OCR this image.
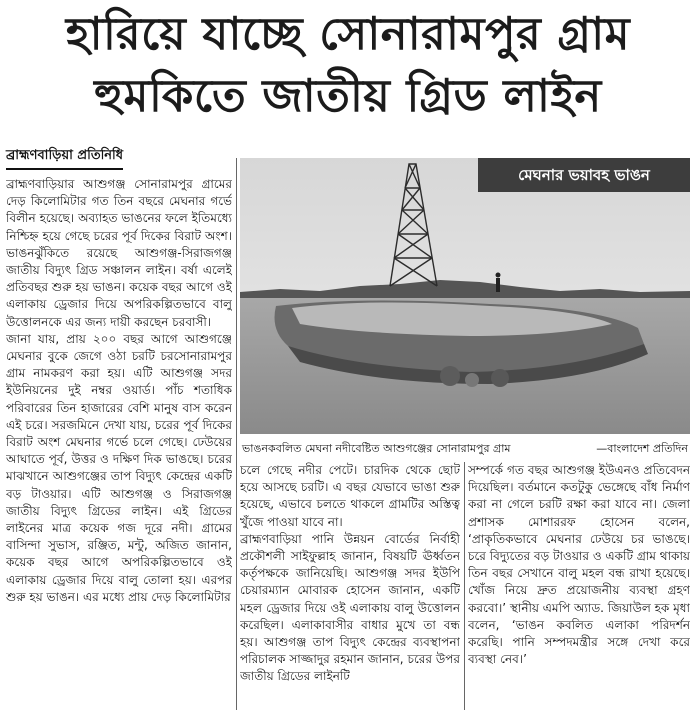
হারিয়ে যাচ্ছে সোনারামপুর গ্রাম
হুমকিতে জাতীয় গ্রিড লাইন
ব্রাহ্মণবাড়িয়া প্রতিনিধি

ব্রাহ্মণবাড়িয়ার আশুগঞ্জ সোনারামপুর গ্রামের দেড় কিলোমিটার গত তিন বছরে মেঘনার গর্ভে বিলীন হয়েছে। অব্যাহত ভাঙনের ফলে ইতিমধ্যে নিশ্চিহ্ন হয়ে গেছে চরের পূর্ব দিকের বিরাট অংশ। ভাঙনঝুঁকিতে রয়েছে আশুগঞ্জ-সিরাজগঞ্জ জাতীয় বিদ্যুৎ গ্রিড সঞ্চালন লাইন। বর্ষা এলেই প্রতিবছর শুরু হয় ভাঙন। কয়েক বছর আগে ওই এলাকায় ড্রেজার দিয়ে অপরিকল্পিতভাবে বালু উত্তোলনকে এর জন্য দায়ী করছেন চরবাসী।

জানা যায়, প্রায় ২০০ বছর আগে আশুগঞ্জে মেঘনার বুকে জেগে ওঠা চরটি চরসোনারামপুর গ্রাম নামকরণ করা হয়। এটি আশুগঞ্জ সদর ইউনিয়নের দুই নম্বর ওয়ার্ড। পাঁচ শতাধিক পরিবারের তিন হাজারের বেশি মানুষ বাস করেন এই চরে। সরজমিনে দেখা যায়, চরের পূর্ব দিকের বিরাট অংশ মেঘনার গর্ভে চলে গেছে। ঢেউয়ের আঘাতে পূর্ব, উত্তর ও দক্ষিণ দিক ভাঙছে। চরের মাঝখানে আশুগঞ্জের তাপ বিদ্যুৎ কেন্দ্রের একটি বড় টাওয়ার। এটি আশুগঞ্জ ও সিরাজগঞ্জ জাতীয় বিদ্যুৎ গ্রিডের লাইন। এই গ্রিডের লাইনের মাত্র কয়েক গজ দূরে নদী। গ্রামের বাসিন্দা সুভাস, রঞ্জিত, মন্টু, অজিত জানান, কয়েক বছর আগে অপরিকল্পিতভাবে ওই এলাকায় ড্রেজার দিয়ে বালু তোলা হয়। এরপর শুরু হয় ভাঙন। এর মধ্যে প্রায় দেড় কিলোমিটার

মেঘনার ভয়াবহ ভাঙন
ভাঙনকবলিত মেঘনা নদীবেষ্টিত আশুগঞ্জের সোনারামপুর গ্রাম	—বাংলাদেশ প্রতিদিন

চলে গেছে নদীর পেটে। চারদিক থেকে ছোট হয়ে আসছে চরটি। এ বছর যেভাবে ভাঙা শুরু হয়েছে, এভাবে চলতে থাকলে গ্রামটির অস্তিত্ব খুঁজে পাওয়া যাবে না।

ব্রাহ্মণবাড়িয়া পানি উন্নয়ন বোর্ডের নির্বাহী প্রকৌশলী সাইফুল্লাহ জানান, বিষয়টি ঊর্ধ্বতন কর্তৃপক্ষকে জানিয়েছি। আশুগঞ্জ সদর ইউপি চেয়ারম্যান মোবারক হোসেন জানান, একটি মহল ড্রেজার দিয়ে ওই এলাকায় বালু উত্তোলন করেছিল। এলাকাবাসীর বাধার মুখে তা বন্ধ হয়। আশুগঞ্জ তাপ বিদ্যুৎ কেন্দ্রের ব্যবস্থাপনা পরিচালক সাজ্জাদুর রহমান জানান, চরের উপর জাতীয় গ্রিডের লাইনটি

সম্পর্কে গত বছর আশুগঞ্জ ইউএনও প্রতিবেদন দিয়েছিল। বর্তমানে কতটুকু ভেঙ্গেছে বাঁধ নির্মাণ করা না গেলে চরটি রক্ষা করা যাবে না। জেলা প্রশাসক মোশাররফ হোসেন বলেন, ‘প্রাকৃতিকভাবে মেঘনার ঢেউয়ে চর ভাঙছে। চরে বিদ্যুতের বড় টাওয়ার ও একটি গ্রাম থাকায় তিন বছর সেখানে বালু মহল বন্ধ রাখা হয়েছে। খোঁজ নিয়ে দ্রুত প্রয়োজনীয় ব্যবস্থা গ্রহণ করবো।’ স্থানীয় এমপি অ্যাড. জিয়াউল হক মৃধা বলেন, ‘ভাঙন কবলিত এলাকা পরিদর্শন করেছি। পানি সম্পদমন্ত্রীর সঙ্গে দেখা করে ব্যবস্থা নেব।’
